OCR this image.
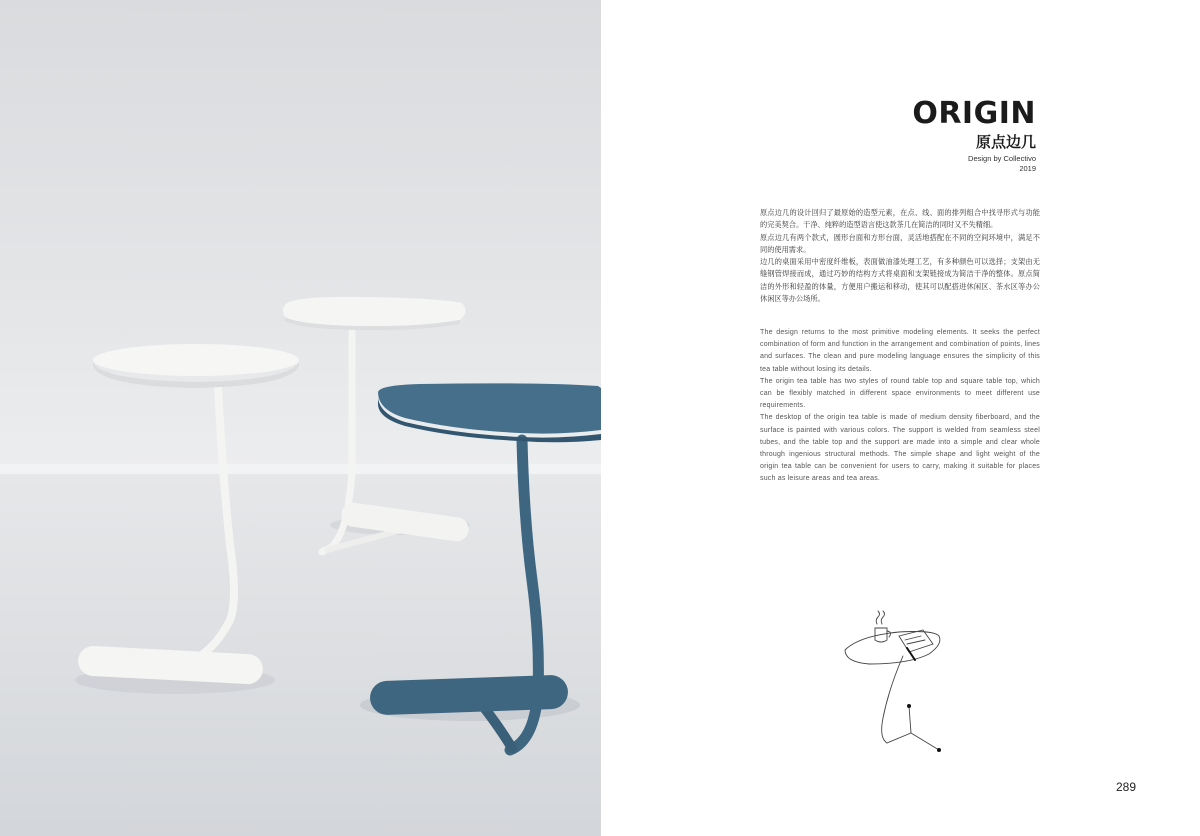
ORIGIN
原点边几
Design by Collectivo
2019

原点边几的设计回归了最原始的造型元素，在点、线、面的排列组合中找寻形式与功能的完美契合。干净、纯粹的造型语言使这款茶几在简洁的同时又不失精细。

原点边几有两个款式，圆形台面和方形台面，灵活地搭配在不同的空间环境中，满足不同的使用需求。

边几的桌面采用中密度纤维板，表面做油漆处理工艺，有多种颜色可以选择；支架由无缝钢管焊接而成，通过巧妙的结构方式将桌面和支架链接成为简洁干净的整体。原点简洁的外形和轻盈的体量，方便用户搬运和移动，使其可以配搭进休闲区、茶水区等办公休闲区等办公场所。

The design returns to the most primitive modeling elements. It seeks the perfect combination of form and function in the arrangement and combination of points, lines and surfaces. The clean and pure modeling language ensures the simplicity of this tea table without losing its details.

The origin tea table has two styles of round table top and square table top, which can be flexibly matched in different space environments to meet different use requirements.

The desktop of the origin tea table is made of medium density fiberboard, and the surface is painted with various colors. The support is welded from seamless steel tubes, and the table top and the support are made into a simple and clear whole through ingenious structural methods. The simple shape and light weight of the origin tea table can be convenient for users to carry, making it suitable for places such as leisure areas and tea areas.

289
